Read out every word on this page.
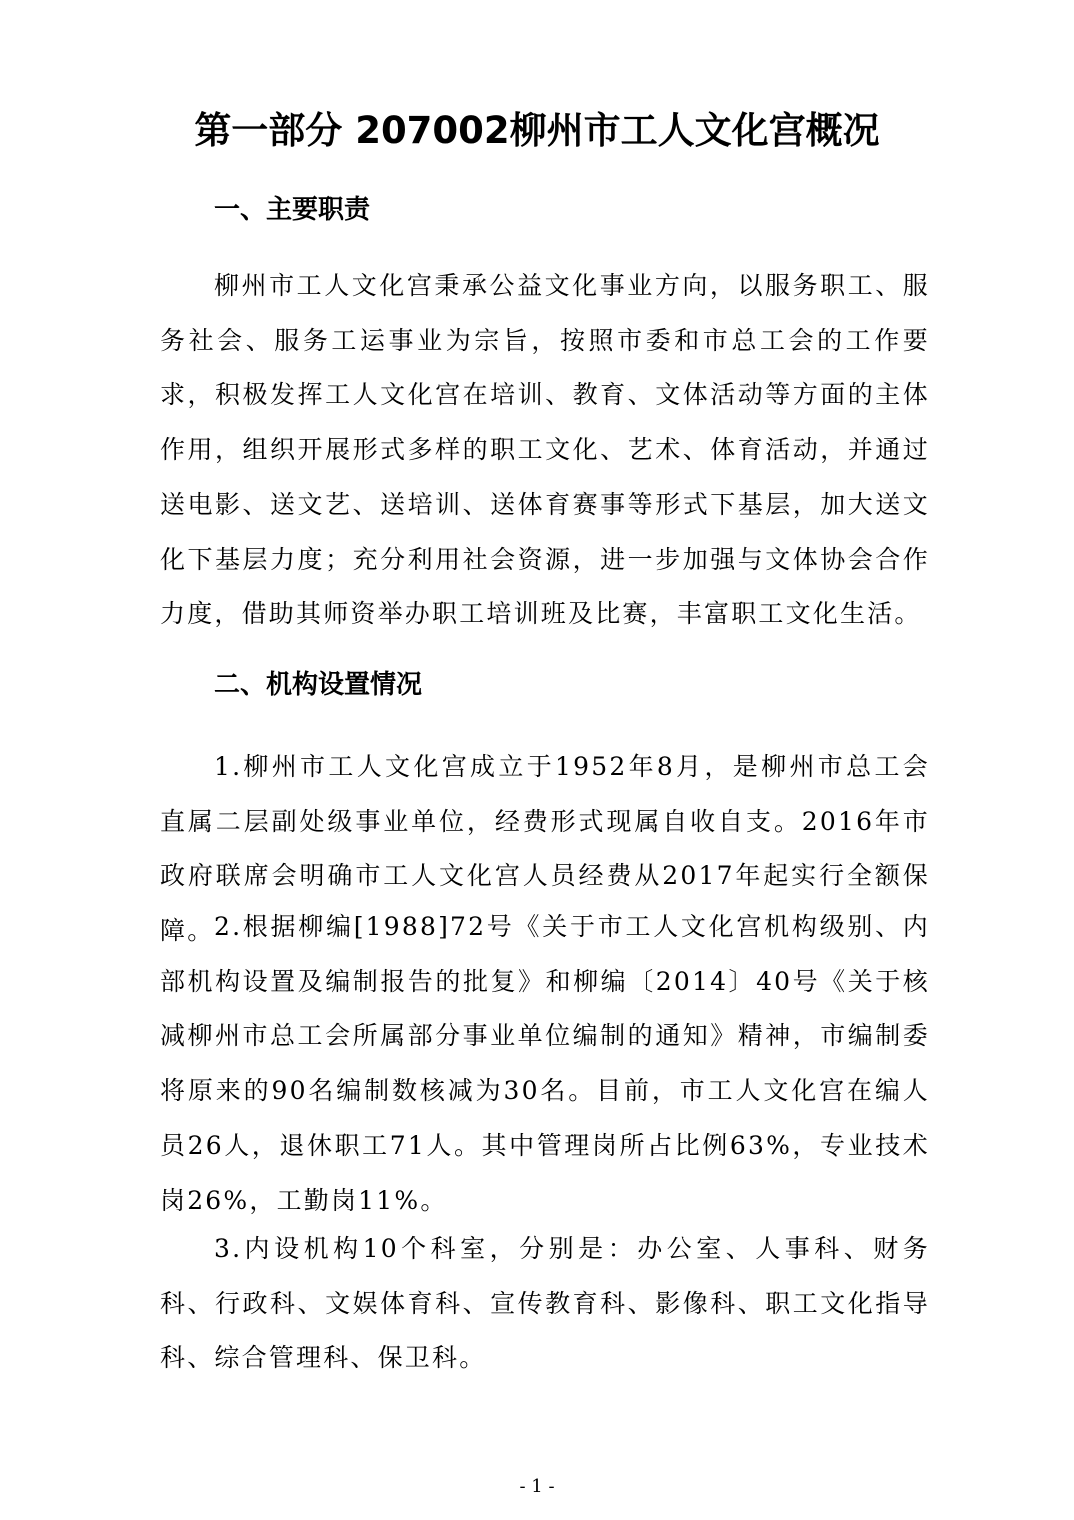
第一部分 207002柳州市工人文化宫概况
一、主要职责

柳州市工人文化宫秉承公益文化事业方向，以服务职工、服务社会、服务工运事业为宗旨，按照市委和市总工会的工作要求，积极发挥工人文化宫在培训、教育、文体活动等方面的主体作用，组织开展形式多样的职工文化、艺术、体育活动，并通过送电影、送文艺、送培训、送体育赛事等形式下基层，加大送文化下基层力度；充分利用社会资源，进一步加强与文体协会合作力度，借助其师资举办职工培训班及比赛，丰富职工文化生活。

二、机构设置情况

1.柳州市工人文化宫成立于1952年8月，是柳州市总工会直属二层副处级事业单位，经费形式现属自收自支。2016年市政府联席会明确市工人文化宫人员经费从2017年起实行全额保障。 2.根据柳编[1988]72号《关于市工人文化宫机构级别、内部机构设置及编制报告的批复》和柳编〔2014〕40号《关于核减柳州市总工会所属部分事业单位编制的通知》精神，市编制委将原来的90名编制数核减为30名。目前，市工人文化宫在编人员26人，退休职工71人。其中管理岗所占比例63%，专业技术岗26%，工勤岗11%。

3.内设机构10个科室，分别是：办公室、人事科、财务科、行政科、文娱体育科、宣传教育科、影像科、职工文化指导科、综合管理科、保卫科。

- 1 -
